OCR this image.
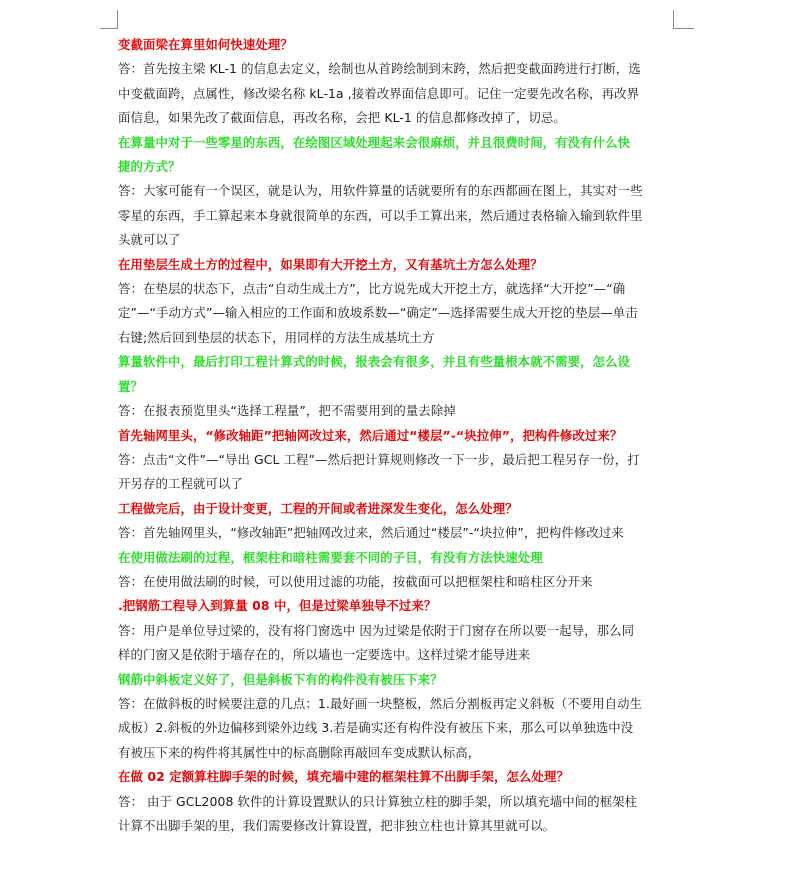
变截面梁在算里如何快速处理？
答：首先按主梁 KL-1 的信息去定义，绘制也从首跨绘制到末跨，然后把变截面跨进行打断，选
中变截面跨，点属性，修改梁名称 kL-1a ,接着改界面信息即可。记住一定要先改名称，再改界
面信息，如果先改了截面信息，再改名称，会把 KL-1 的信息都修改掉了，切忌。
在算量中对于一些零星的东西，在绘图区域处理起来会很麻烦，并且很费时间，有没有什么快
捷的方式？
答：大家可能有一个误区，就是认为，用软件算量的话就要所有的东西都画在图上，其实对一些
零星的东西，手工算起来本身就很简单的东西，可以手工算出来，然后通过表格输入输到软件里
头就可以了
在用垫层生成土方的过程中，如果即有大开挖土方，又有基坑土方怎么处理？
答：在垫层的状态下，点击“自动生成土方”，比方说先成大开挖土方，就选择“大开挖”—“确
定”—“手动方式”—输入相应的工作面和放坡系数—“确定”—选择需要生成大开挖的垫层—单击
右键;然后回到垫层的状态下，用同样的方法生成基坑土方
算量软件中，最后打印工程计算式的时候，报表会有很多，并且有些量根本就不需要，怎么设
置？
答：在报表预览里头“选择工程量”，把不需要用到的量去除掉
首先轴网里头，“修改轴距”把轴网改过来，然后通过“楼层”-“块拉伸”，把构件修改过来？
答：点击“文件”—“导出 GCL 工程”—然后把计算规则修改一下一步，最后把工程另存一份，打
开另存的工程就可以了
工程做完后，由于设计变更，工程的开间或者进深发生变化，怎么处理？
答：首先轴网里头，“修改轴距”把轴网改过来，然后通过“楼层”-“块拉伸”，把构件修改过来
在使用做法刷的过程，框架柱和暗柱需要套不同的子目，有没有方法快速处理
答：在使用做法刷的时候，可以使用过滤的功能，按截面可以把框架柱和暗柱区分开来
.把钢筋工程导入到算量 08 中，但是过梁单独导不过来？
答：用户是单位导过梁的，没有将门窗选中 因为过梁是依附于门窗存在所以要一起导，那么同
样的门窗又是依附于墙存在的，所以墙也一定要选中。这样过梁才能导进来
钢筋中斜板定义好了，但是斜板下有的构件没有被压下来？
答：在做斜板的时候要注意的几点：1.最好画一块整板，然后分割板再定义斜板（不要用自动生
成板）2.斜板的外边偏移到梁外边线 3.若是确实还有构件没有被压下来，那么可以单独选中没
有被压下来的构件将其属性中的标高删除再敲回车变成默认标高，
在做 02 定额算柱脚手架的时候，填充墙中建的框架柱算不出脚手架，怎么处理？
答： 由于 GCL2008 软件的计算设置默认的只计算独立柱的脚手架，所以填充墙中间的框架柱
计算不出脚手架的里，我们需要修改计算设置，把非独立柱也计算其里就可以。
